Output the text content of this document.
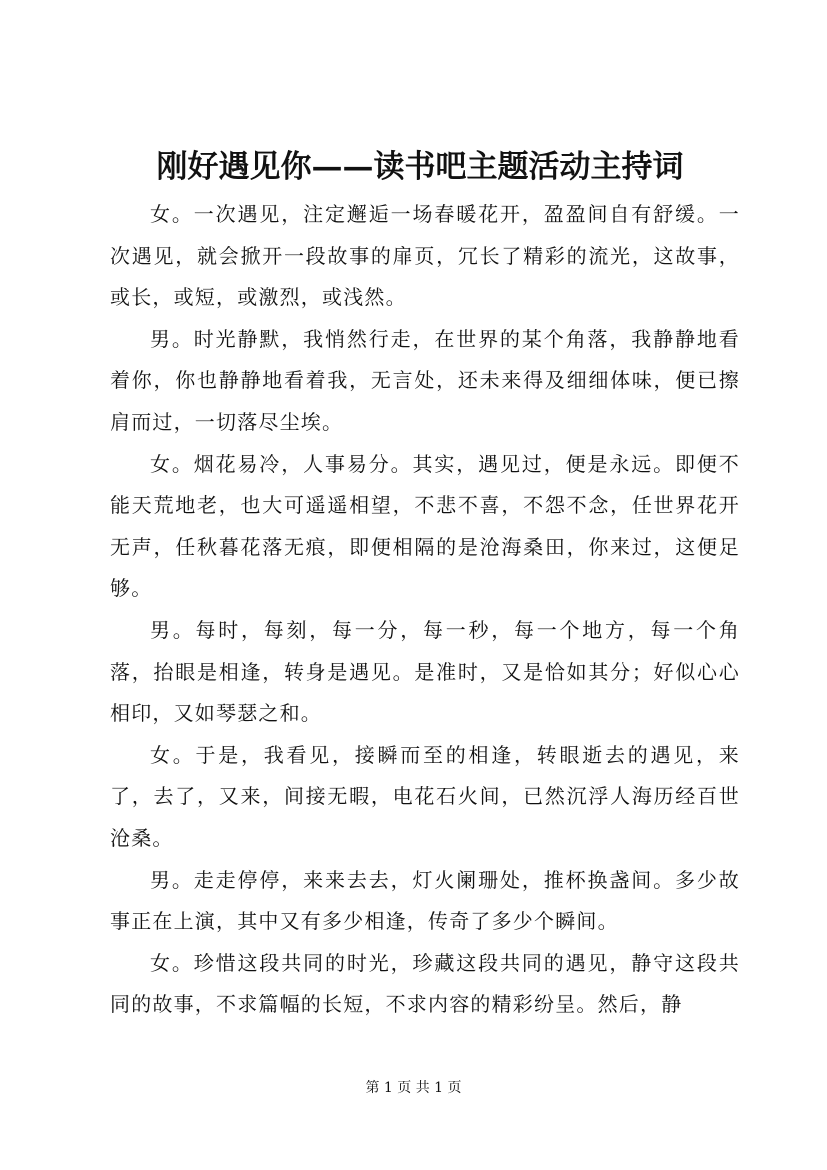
刚好遇见你——读书吧主题活动主持词

女。一次遇见，注定邂逅一场春暖花开，盈盈间自有舒缓。一次遇见，就会掀开一段故事的扉页，冗长了精彩的流光，这故事，或长，或短，或激烈，或浅然。

男。时光静默，我悄然行走，在世界的某个角落，我静静地看着你，你也静静地看着我，无言处，还未来得及细细体味，便已擦肩而过，一切落尽尘埃。

女。烟花易冷，人事易分。其实，遇见过，便是永远。即便不能天荒地老，也大可遥遥相望，不悲不喜，不怨不念，任世界花开无声，任秋暮花落无痕，即便相隔的是沧海桑田，你来过，这便足够。

男。每时，每刻，每一分，每一秒，每一个地方，每一个角落，抬眼是相逢，转身是遇见。是准时，又是恰如其分；好似心心相印，又如琴瑟之和。

女。于是，我看见，接瞬而至的相逢，转眼逝去的遇见，来了，去了，又来，间接无暇，电花石火间，已然沉浮人海历经百世沧桑。

男。走走停停，来来去去，灯火阑珊处，推杯换盏间。多少故事正在上演，其中又有多少相逢，传奇了多少个瞬间。

女。珍惜这段共同的时光，珍藏这段共同的遇见，静守这段共同的故事，不求篇幅的长短，不求内容的精彩纷呈。然后，静

第 1 页 共 1 页
